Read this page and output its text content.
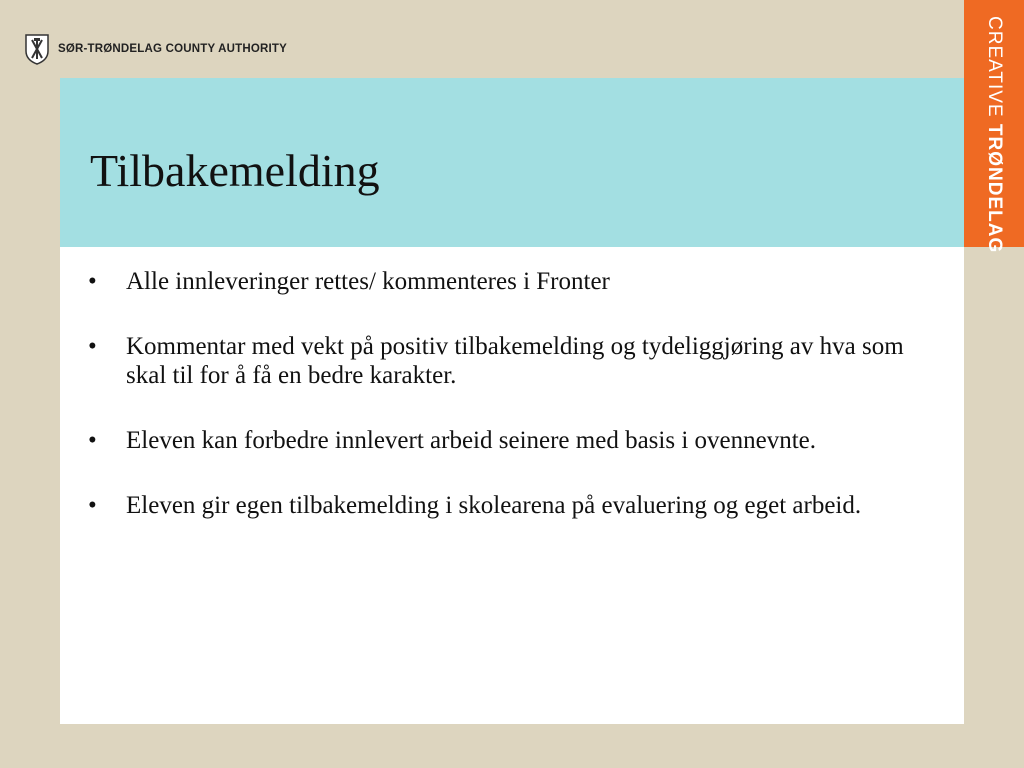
SØR-TRØNDELAG COUNTY AUTHORITY
Tilbakemelding
• Alle innleveringer rettes/ kommenteres i Fronter
• Kommentar med vekt på positiv tilbakemelding og tydeliggjøring av hva som skal til for å få en bedre karakter.
• Eleven kan forbedre innlevert arbeid seinere med basis i ovennevnte.
• Eleven gir egen tilbakemelding i skolearena på evaluering og eget arbeid.
CREATIVE TRØNDELAG
